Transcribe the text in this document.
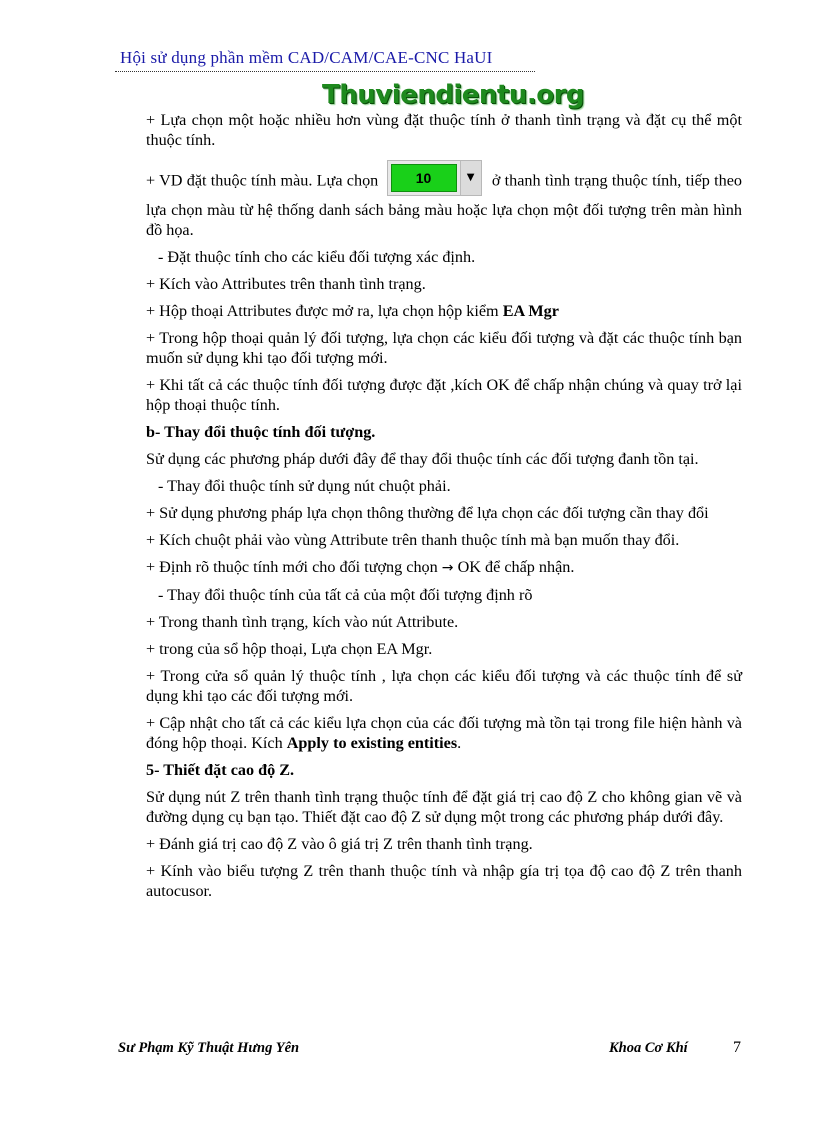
Hội sử dụng phần mềm CAD/CAM/CAE-CNC HaUI
Thuviendientu.org

+ Lựa chọn một hoặc nhiều hơn vùng đặt thuộc tính ở thanh tình trạng và đặt cụ thể một thuộc tính.

+ VD đặt thuộc tính màu. Lựa chọn	10	▼	ở thanh tình trạng thuộc tính, tiếp theo lựa chọn màu từ hệ thống danh sách bảng màu hoặc lựa chọn một đối tượng trên màn hình đồ họa.

- Đặt thuộc tính cho các kiểu đối tượng xác định.

+ Kích vào Attributes trên thanh tình trạng.

+ Hộp thoại Attributes được mở ra, lựa chọn hộp kiểm EA Mgr

+ Trong hộp thoại quản lý đối tượng, lựa chọn các kiểu đối tượng và đặt các thuộc tính bạn muốn sử dụng khi tạo đối tượng mới.

+ Khi tất cả các thuộc tính đối tượng được đặt ,kích OK để chấp nhận chúng và quay trở lại hộp thoại thuộc tính.

b- Thay đổi thuộc tính đối tượng.

Sử dụng các phương pháp dưới đây để thay đổi thuộc tính các đối tượng đanh tồn tại.

- Thay đổi thuộc tính sử dụng nút chuột phải.

+ Sử dụng phương pháp lựa chọn thông thường để lựa chọn các đối tượng cần thay đổi

+ Kích chuột phải vào vùng Attribute trên thanh thuộc tính mà bạn muốn thay đổi.

+ Định rõ thuộc tính mới cho đối tượng chọn → OK để chấp nhận.

- Thay đổi thuộc tính của tất cả của một đối tượng định rõ

+ Trong thanh tình trạng, kích vào nút Attribute.

+ trong của sổ hộp thoại, Lựa chọn EA Mgr.

+ Trong cửa sổ quản lý thuộc tính , lựa chọn các kiểu đối tượng và các thuộc tính để sử dụng khi tạo các đối tượng mới.

+ Cập nhật cho tất cả các kiểu lựa chọn của các đối tượng mà tồn tại trong file hiện hành và đóng hộp thoại. Kích Apply to existing entities.

5- Thiết đặt cao độ Z.

Sử dụng nút Z trên thanh tình trạng thuộc tính để đặt giá trị cao độ Z cho không gian vẽ và đường dụng cụ bạn tạo. Thiết đặt cao độ Z sử dụng một trong các phương pháp dưới đây.

+ Đánh giá trị cao độ Z vào ô giá trị Z trên thanh tình trạng.

+ Kính vào biểu tượng Z trên thanh thuộc tính và nhập gía trị tọa độ cao độ Z trên thanh autocusor.

Sư Phạm Kỹ Thuật Hưng Yên	Khoa Cơ Khí	7
